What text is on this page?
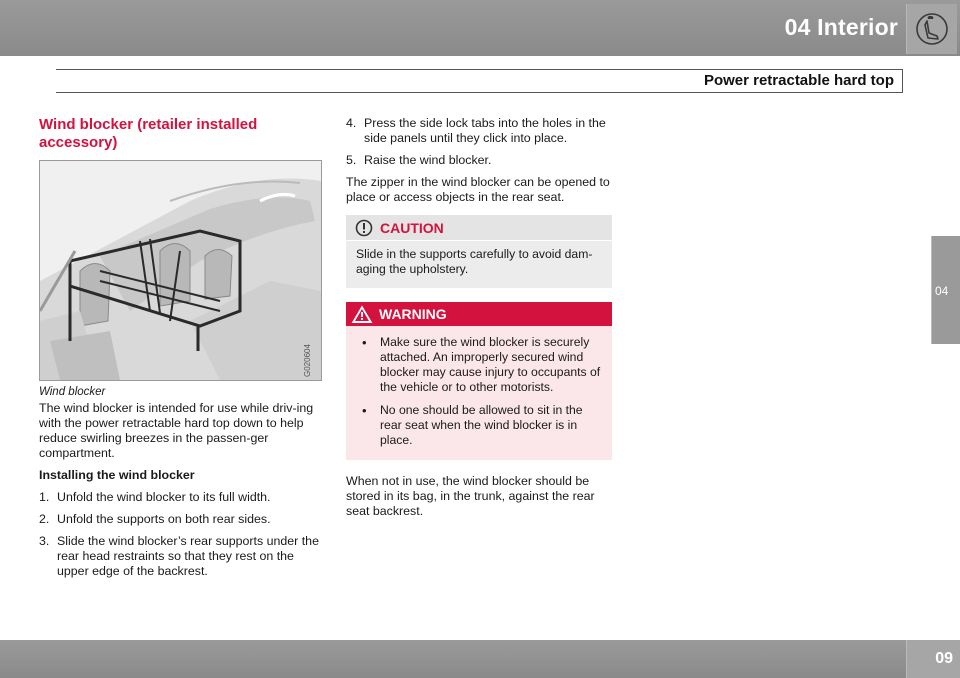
04 Interior
Power retractable hard top
04
Wind blocker (retailer installed accessory)
G020604
Wind blocker

The wind blocker is intended for use while driv-ing with the power retractable hard top down to help reduce swirling breezes in the passen-ger compartment.

Installing the wind blocker

1. Unfold the wind blocker to its full width.
2. Unfold the supports on both rear sides.
3. Slide the wind blocker’s rear supports under the rear head restraints so that they rest on the upper edge of the backrest.
4. Press the side lock tabs into the holes in the side panels until they click into place.
5. Raise the wind blocker.

The zipper in the wind blocker can be opened to place or access objects in the rear seat.

CAUTION
Slide in the supports carefully to avoid dam-aging the upholstery.
WARNING
• Make sure the wind blocker is securely attached. An improperly secured wind blocker may cause injury to occupants of the vehicle or to other motorists.
• No one should be allowed to sit in the rear seat when the wind blocker is in place.

When not in use, the wind blocker should be stored in its bag, in the trunk, against the rear seat backrest.

09
